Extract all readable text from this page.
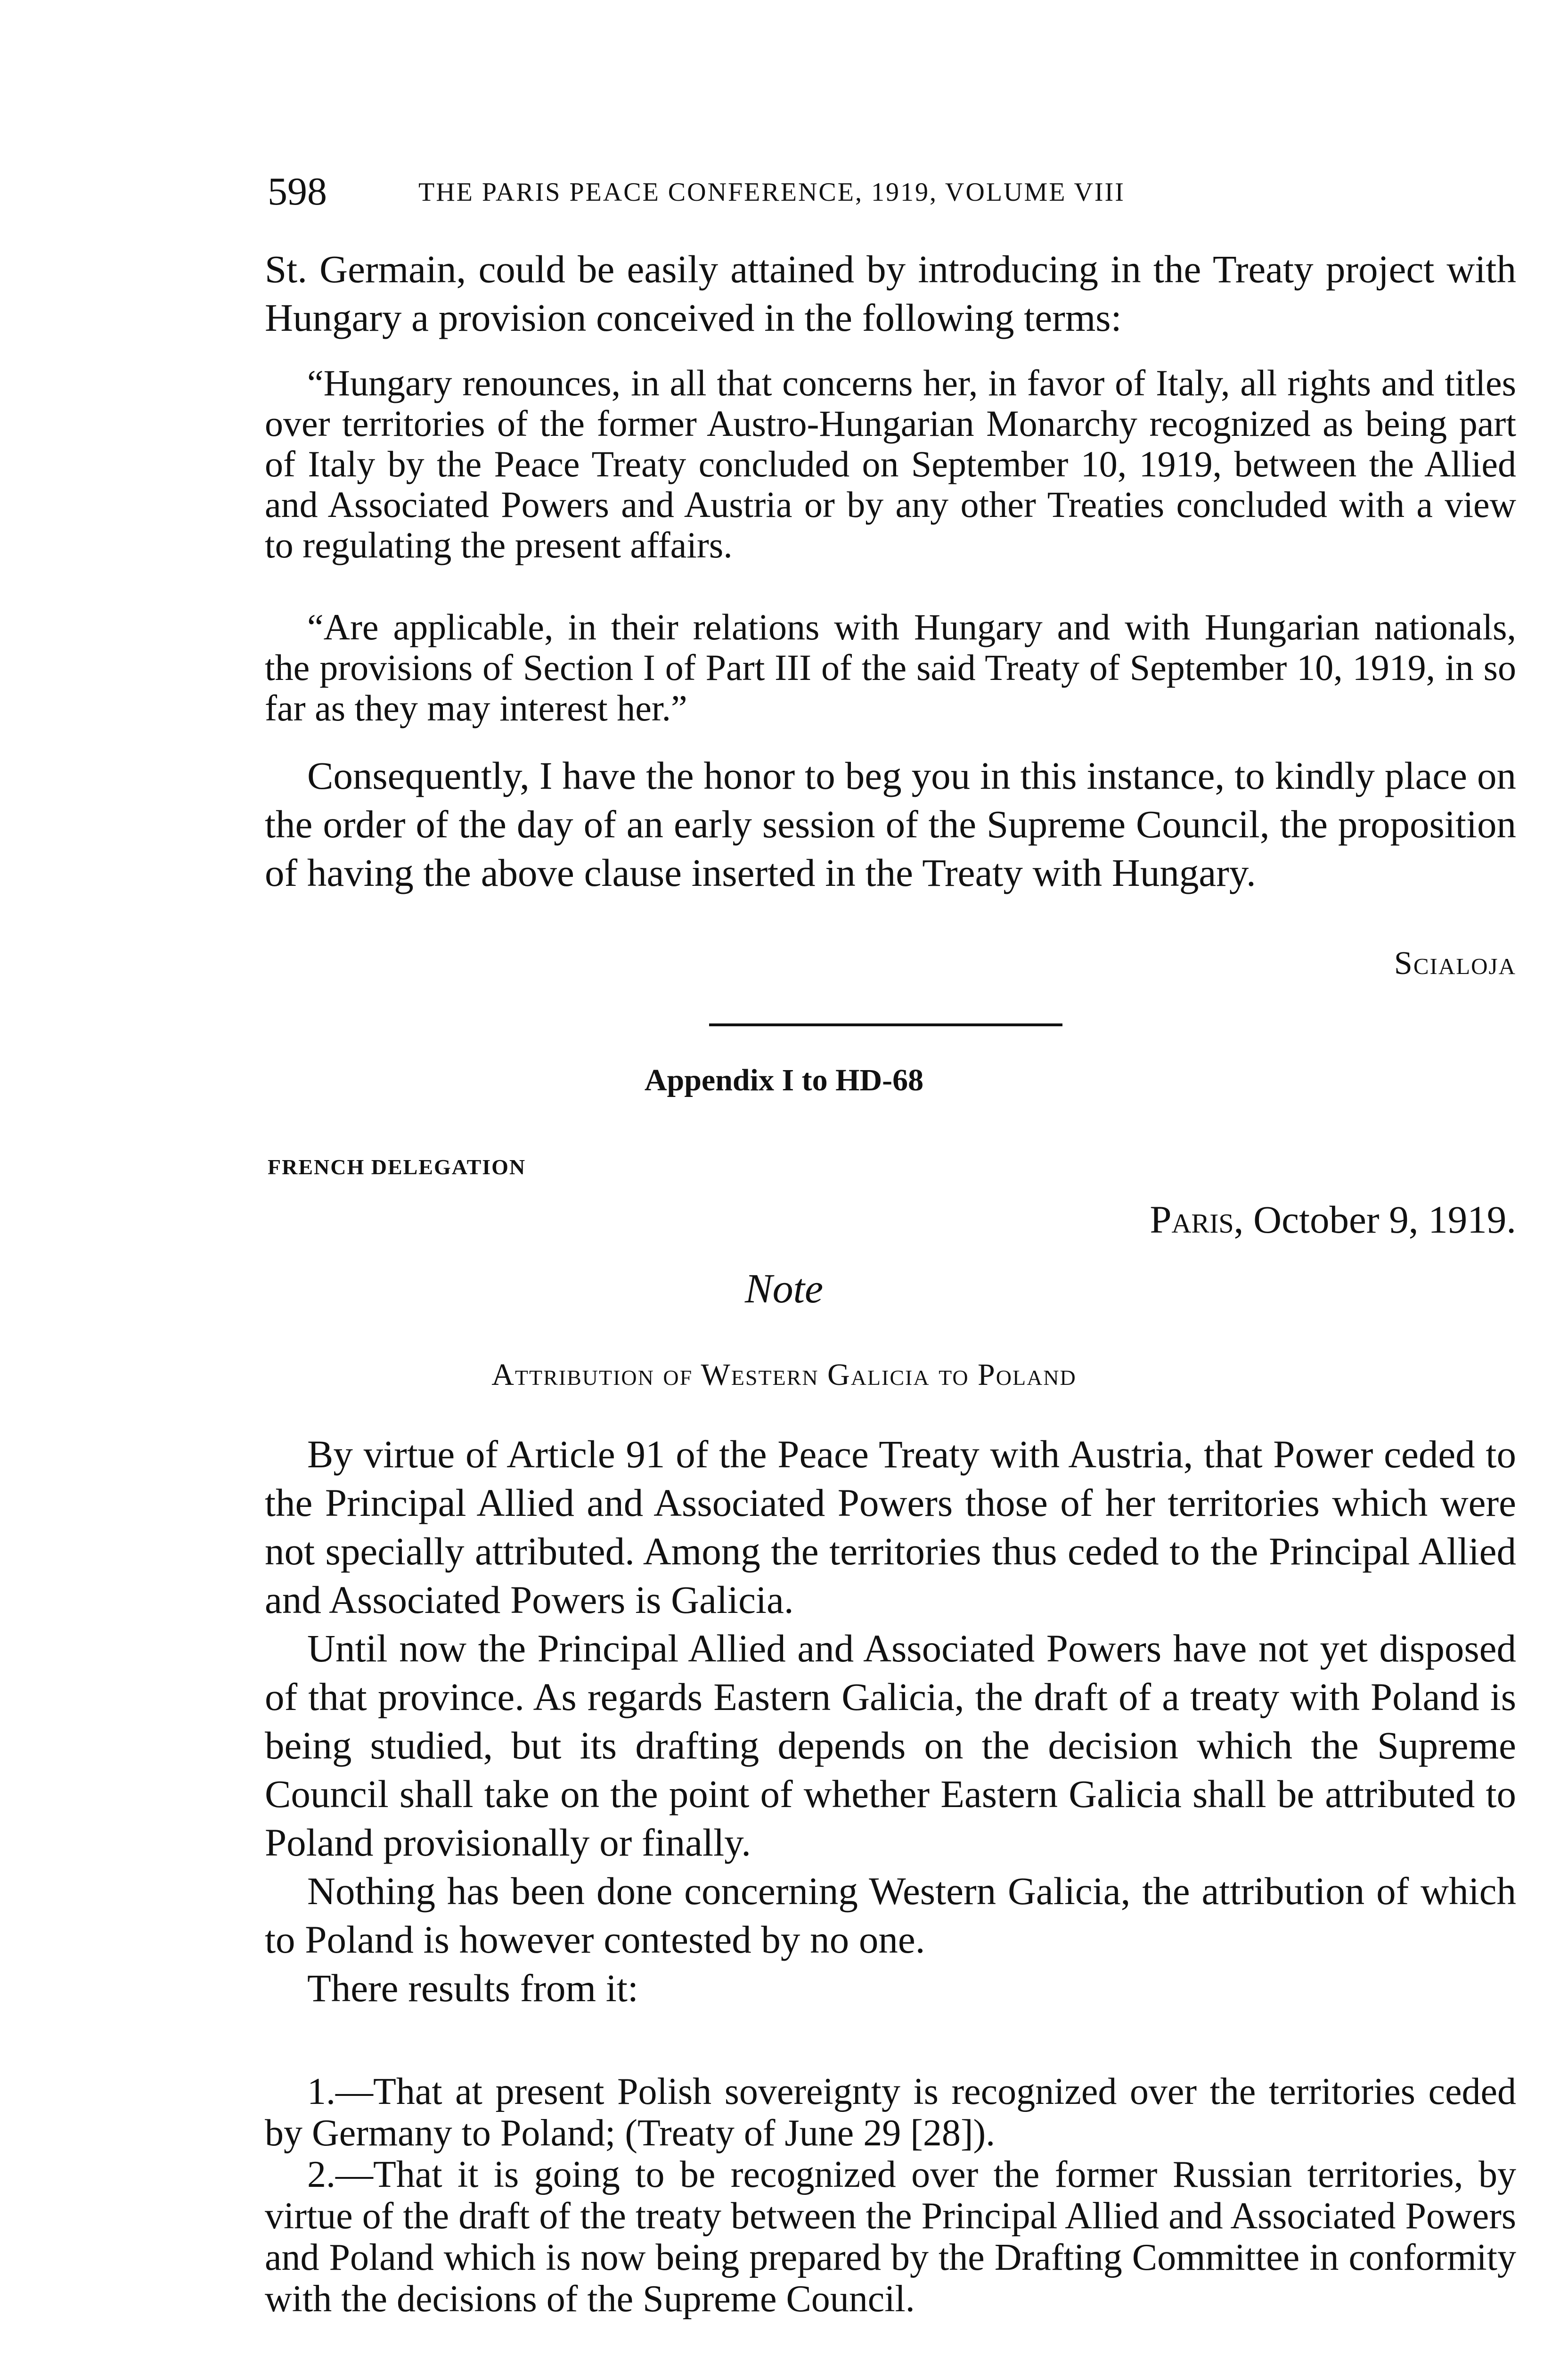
598	THE PARIS PEACE CONFERENCE, 1919, VOLUME VIII

St. Germain, could be easily attained by introducing in the Treaty project with Hungary a provision conceived in the following terms:

“Hungary renounces, in all that concerns her, in favor of Italy, all rights and titles over territories of the former Austro-Hungarian Monarchy recognized as being part of Italy by the Peace Treaty concluded on September 10, 1919, between the Allied and Associated Powers and Austria or by any other Treaties concluded with a view to regulating the present affairs.

“Are applicable, in their relations with Hungary and with Hungarian nationals, the provisions of Section I of Part III of the said Treaty of September 10, 1919, in so far as they may interest her.”

Consequently, I have the honor to beg you in this instance, to kindly place on the order of the day of an early session of the Supreme Council, the proposition of having the above clause inserted in the Treaty with Hungary.

Scialoja
Appendix I to HD-68
FRENCH DELEGATION
Paris, October 9, 1919.
Note
Attribution of Western Galicia to Poland

By virtue of Article 91 of the Peace Treaty with Austria, that Power ceded to the Principal Allied and Associated Powers those of her territories which were not specially attributed. Among the territories thus ceded to the Principal Allied and Associated Powers is Galicia.

Until now the Principal Allied and Associated Powers have not yet disposed of that province. As regards Eastern Galicia, the draft of a treaty with Poland is being studied, but its drafting depends on the decision which the Supreme Council shall take on the point of whether Eastern Galicia shall be attributed to Poland provisionally or finally.

Nothing has been done concerning Western Galicia, the attribution of which to Poland is however contested by no one.

There results from it:

1.—That at present Polish sovereignty is recognized over the territories ceded by Germany to Poland; (Treaty of June 29 [28]).

2.—That it is going to be recognized over the former Russian territories, by virtue of the draft of the treaty between the Principal Allied and Associated Powers and Poland which is now being prepared by the Drafting Committee in conformity with the decisions of the Supreme Council.
